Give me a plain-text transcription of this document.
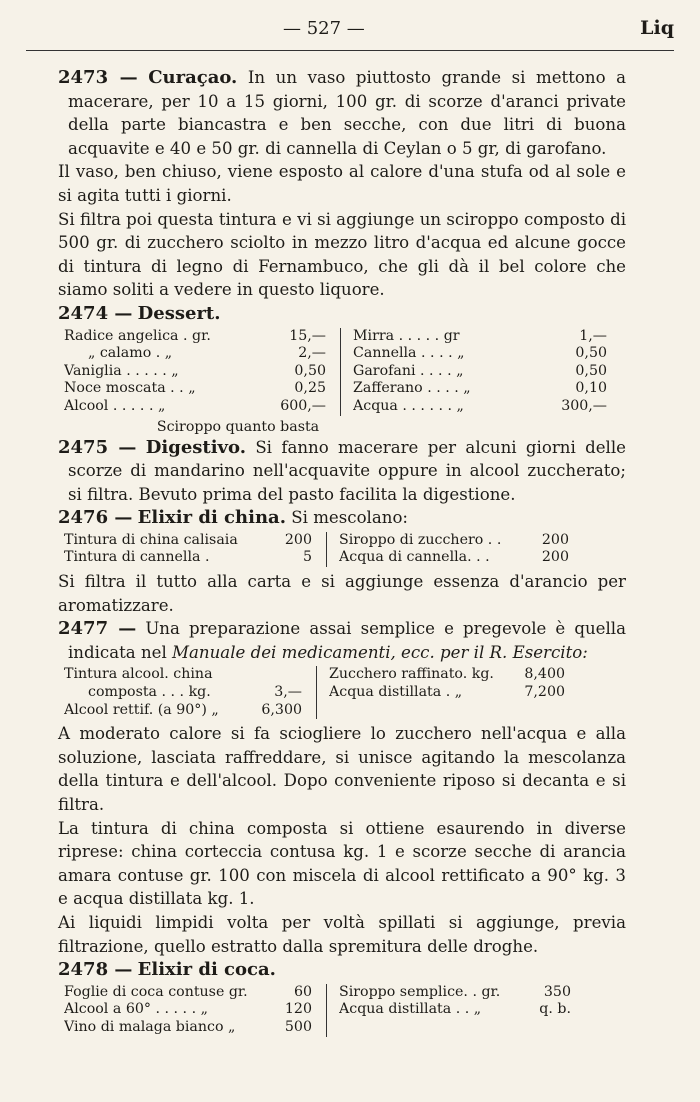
— 527 —	Liq

2473 — Curaçao. In un vaso piuttosto grande si mettono a macerare, per 10 a 15 giorni, 100 gr. di scorze d'aranci private della parte biancastra e ben secche, con due litri di buona acquavite e 40 e 50 gr. di cannella di Ceylan o 5 gr, di garofano.

Il vaso, ben chiuso, viene esposto al calore d'una stufa od al sole e si agita tutti i giorni.

Si filtra poi questa tintura e vi si aggiunge un sciroppo composto di 500 gr. di zucchero sciolto in mezzo litro d'acqua ed alcune gocce di tintura di legno di Fernambuco, che gli dà il bel colore che siamo soliti a vedere in questo liquore.

2474 — Dessert.

Radice angelica . gr.	15,—
„ calamo . „	2,—
Vaniglia . . . . . „	0,50
Noce moscata . . „	0,25
Alcool . . . . . „	600,—
Mirra . . . . . gr	1,—
Cannella . . . . „	0,50
Garofani . . . . „	0,50
Zafferano . . . . „	0,10
Acqua . . . . . . „	300,—
Sciroppo quanto basta

2475 — Digestivo. Si fanno macerare per alcuni giorni delle scorze di mandarino nell'acquavite oppure in alcool zuccherato; si filtra. Bevuto prima del pasto facilita la digestione.

2476 — Elixir di china. Si mescolano:

Tintura di china calisaia	200
Tintura di cannella .	5
Siroppo di zucchero . .	200
Acqua di cannella. . .	200

Si filtra il tutto alla carta e si aggiunge essenza d'arancio per aromatizzare.

2477 — Una preparazione assai semplice e pregevole è quella indicata nel Manuale dei medicamenti, ecc. per il R. Esercito:

Tintura alcool. china
composta . . . kg.	3,—
Alcool rettif. (a 90°) „	6,300
Zucchero raffinato. kg.	8,400
Acqua distillata . „	7,200

A moderato calore si fa sciogliere lo zucchero nell'acqua e alla soluzione, lasciata raffreddare, si unisce agitando la mescolanza della tintura e dell'alcool. Dopo conveniente riposo si decanta e si filtra.

La tintura di china composta si ottiene esaurendo in diverse riprese: china corteccia contusa kg. 1 e scorze secche di arancia amara contuse gr. 100 con miscela di alcool rettificato a 90° kg. 3 e acqua distillata kg. 1.

Ai liquidi limpidi volta per voltà spillati si aggiunge, previa filtrazione, quello estratto dalla spremitura delle droghe.

2478 — Elixir di coca.

Foglie di coca contuse gr.	60
Alcool a 60° . . . . . „	120
Vino di malaga bianco „	500
Siroppo semplice. . gr.	350
Acqua distillata . . „	q. b.
